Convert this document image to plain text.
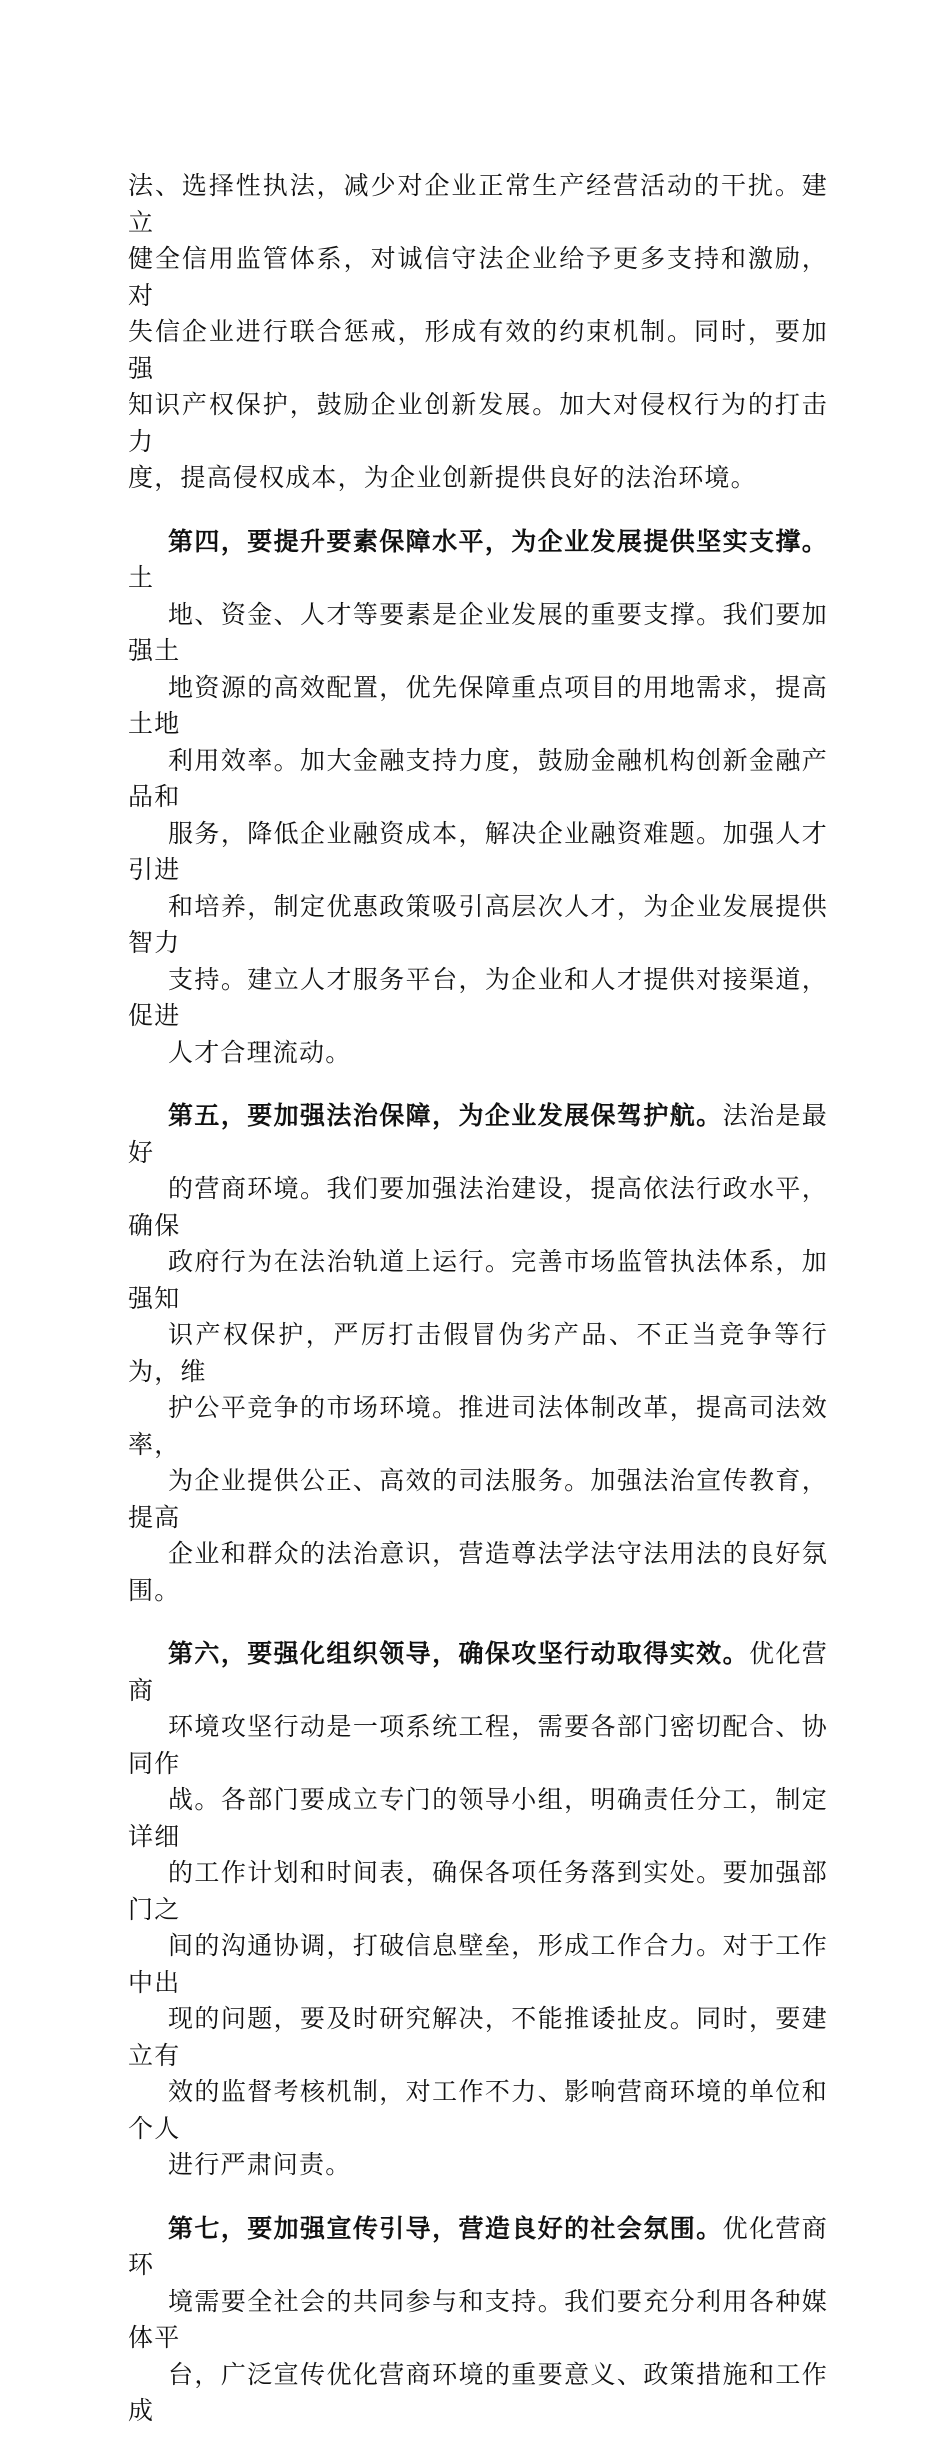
法、选择性执法，减少对企业正常生产经营活动的干扰。建立
健全信用监管体系，对诚信守法企业给予更多支持和激励，对
失信企业进行联合惩戒，形成有效的约束机制。同时，要加强
知识产权保护，鼓励企业创新发展。加大对侵权行为的打击力
度，提高侵权成本，为企业创新提供良好的法治环境。

第四，要提升要素保障水平，为企业发展提供坚实支撑。土
地、资金、人才等要素是企业发展的重要支撑。我们要加强土
地资源的高效配置，优先保障重点项目的用地需求，提高土地
利用效率。加大金融支持力度，鼓励金融机构创新金融产品和
服务，降低企业融资成本，解决企业融资难题。加强人才引进
和培养，制定优惠政策吸引高层次人才，为企业发展提供智力
支持。建立人才服务平台，为企业和人才提供对接渠道，促进
人才合理流动。

第五，要加强法治保障，为企业发展保驾护航。法治是最好
的营商环境。我们要加强法治建设，提高依法行政水平，确保
政府行为在法治轨道上运行。完善市场监管执法体系，加强知
识产权保护，严厉打击假冒伪劣产品、不正当竞争等行为，维
护公平竞争的市场环境。推进司法体制改革，提高司法效率，
为企业提供公正、高效的司法服务。加强法治宣传教育，提高
企业和群众的法治意识，营造尊法学法守法用法的良好氛围。

第六，要强化组织领导，确保攻坚行动取得实效。优化营商
环境攻坚行动是一项系统工程，需要各部门密切配合、协同作
战。各部门要成立专门的领导小组，明确责任分工，制定详细
的工作计划和时间表，确保各项任务落到实处。要加强部门之
间的沟通协调，打破信息壁垒，形成工作合力。对于工作中出
现的问题，要及时研究解决，不能推诿扯皮。同时，要建立有
效的监督考核机制，对工作不力、影响营商环境的单位和个人
进行严肃问责。

第七，要加强宣传引导，营造良好的社会氛围。优化营商环
境需要全社会的共同参与和支持。我们要充分利用各种媒体平
台，广泛宣传优化营商环境的重要意义、政策措施和工作成
